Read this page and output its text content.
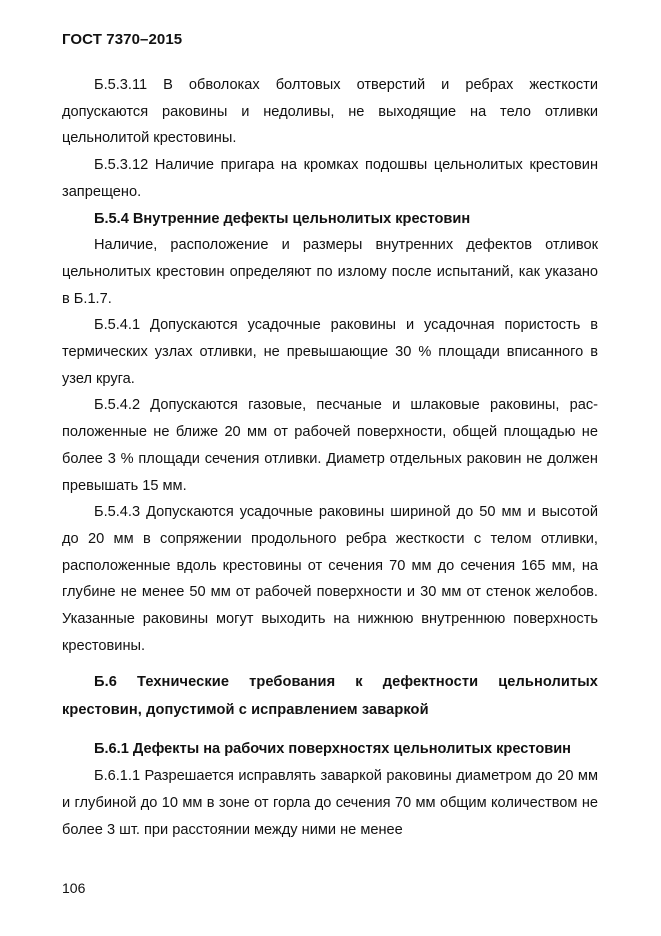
ГОСТ 7370–2015

Б.5.3.11 В обволоках болтовых отверстий и ребрах жесткости допускаются раковины и недоливы, не выходящие на тело отливки цельнолитой крестовины.

Б.5.3.12 Наличие пригара на кромках подошвы цельнолитых крестовин запрещено.

Б.5.4 Внутренние дефекты цельнолитых крестовин

Наличие, расположение и размеры внутренних дефектов отливок цельнолитых крестовин определяют по излому после испытаний, как указано в Б.1.7.

Б.5.4.1 Допускаются усадочные раковины и усадочная пористость в термических узлах отливки, не превышающие 30 % площади вписанного в узел круга.

Б.5.4.2 Допускаются газовые, песчаные и шлаковые раковины, расположенные не ближе 20 мм от рабочей поверхности, общей площадью не более 3 % площади сечения отливки. Диаметр отдельных раковин не должен превышать 15 мм.

Б.5.4.3 Допускаются усадочные раковины шириной до 50 мм и высотой до 20 мм в сопряжении продольного ребра жесткости с телом отливки, расположенные вдоль крестовины от сечения 70 мм до сечения 165 мм, на глубине не менее 50 мм от рабочей поверхности и 30 мм от стенок желобов. Указанные раковины могут выходить на нижнюю внутреннюю поверхность крестовины.

Б.6 Технические требования к дефектности цельнолитых крестовин, допустимой с исправлением заваркой

Б.6.1 Дефекты на рабочих поверхностях цельнолитых крестовин

Б.6.1.1 Разрешается исправлять заваркой раковины диаметром до 20 мм и глубиной до 10 мм в зоне от горла до сечения 70 мм общим количеством не более 3 шт. при расстоянии между ними не менее

106
